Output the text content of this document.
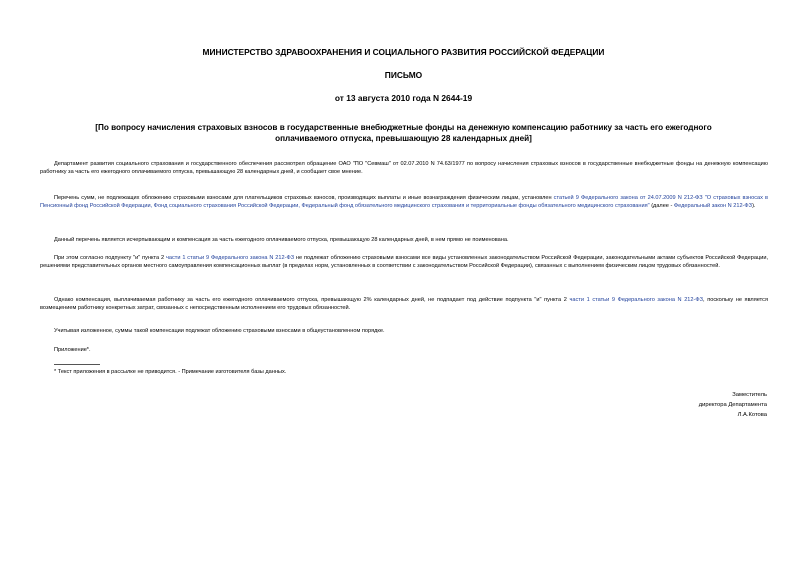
МИНИСТЕРСТВО ЗДРАВООХРАНЕНИЯ И СОЦИАЛЬНОГО РАЗВИТИЯ РОССИЙСКОЙ ФЕДЕРАЦИИ
ПИСЬМО
от 13 августа 2010 года N 2644-19
[По вопросу начисления страховых взносов в государственные внебюджетные фонды на денежную компенсацию работнику за часть его ежегодного
оплачиваемого отпуска, превышающую 28 календарных дней]
Департамент развития социального страхования и государственного обеспечения рассмотрел обращение ОАО "ПО "Севмаш" от 02.07.2010 N 74.63/1977 по вопросу начисления страховых взносов в государственные внебюджетные фонды на денежную компенсацию работнику за часть его ежегодного оплачиваемого отпуска, превышающую 28 календарных дней, и сообщает свое мнение.
Перечень сумм, не подлежащих обложению страховыми взносами для плательщиков страховых взносов, производящих выплаты и иные вознаграждения физическим лицам, установлен статьей 9 Федерального закона от 24.07.2009 N 212-ФЗ "О страховых взносах в Пенсионный фонд Российской Федерации, Фонд социального страхования Российской Федерации, Федеральный фонд обязательного медицинского страхования и территориальные фонды обязательного медицинского страхования" (далее - Федеральный закон N 212-ФЗ).
Данный перечень является исчерпывающим и компенсация за часть ежегодного оплачиваемого отпуска, превышающую 28 календарных дней, в нем прямо не поименована.
При этом согласно подпункту "и" пункта 2 части 1 статьи 9 Федерального закона N 212-ФЗ не подлежат обложению страховыми взносами все виды установленных законодательством Российской Федерации, законодательными актами субъектов Российской Федерации, решениями представительных органов местного самоуправления компенсационных выплат (в пределах норм, установленных в соответствии с законодательством Российской Федерации), связанных с выполнением физическим лицом трудовых обязанностей.
Однако компенсация, выплачиваемая работнику за часть его ежегодного оплачиваемого отпуска, превышающую 2% календарных дней, не подпадает под действие подпункта "и" пункта 2 части 1 статьи 9 Федерального закона N 212-ФЗ, поскольку не является возмещением работнику конкретных затрат, связанных с непосредственным исполнением его трудовых обязанностей.
Учитывая изложенное, суммы такой компенсации подлежат обложению страховыми взносами в общеустановленном порядке.
Приложение*.
* Текст приложения в рассылке не приводится. - Примечание изготовителя базы данных.
Заместитель
директора Департамента
Л.А.Котова
